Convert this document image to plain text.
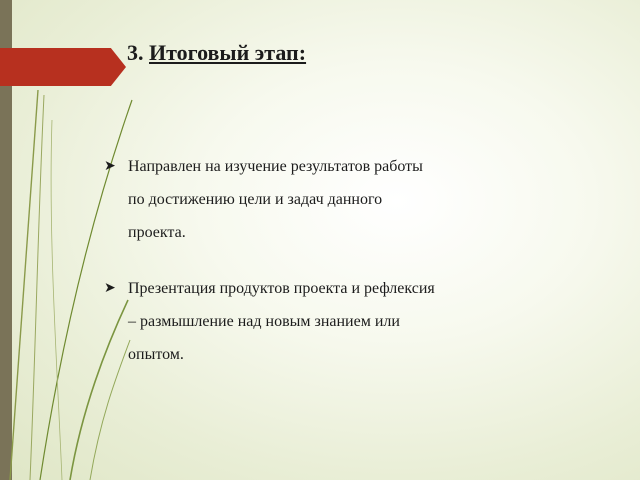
3. Итоговый этап:
➤ Направлен на изучение результатов работы
по достижению цели и задач данного
проекта.
➤ Презентация продуктов проекта и рефлексия
– размышление над новым знанием или
опытом.
